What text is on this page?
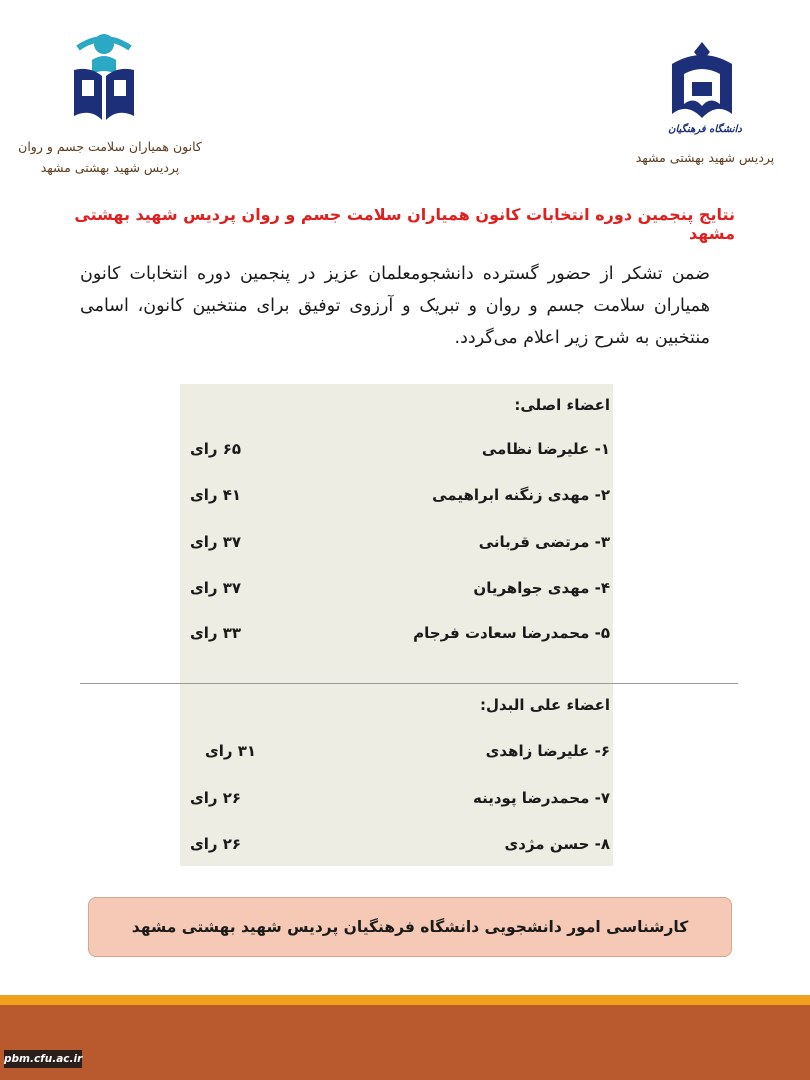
کانون همیاران سلامت جسم و روان
پردیس شهید بهشتی مشهد
دانشگاه فرهنگیان
پردیس شهید بهشتی مشهد
نتایج پنجمین دوره انتخابات کانون همیاران سلامت جسم و روان پردیس شهید بهشتی مشهد
ضمن تشکر از حضور گسترده دانشجومعلمان عزیز در پنجمین دوره انتخابات کانون همیاران سلامت جسم و روان و تبریک و آرزوی توفیق برای منتخبین کانون، اسامی منتخبین به شرح زیر اعلام می‌گردد.
اعضاء اصلی:
۱- علیرضا نظامی
۶۵ رای
۲- مهدی زنگنه ابراهیمی
۴۱ رای
۳- مرتضی قربانی
۳۷ رای
۴- مهدی جواهریان
۳۷ رای
۵- محمدرضا سعادت فرجام
۳۳ رای
اعضاء علی البدل:
۶- علیرضا زاهدی
۳۱ رای
۷- محمدرضا پودینه
۲۶ رای
۸- حسن مژدی
۲۶ رای
کارشناسی امور دانشجویی دانشگاه فرهنگیان پردیس شهید بهشتی مشهد
pbm.cfu.ac.ir
